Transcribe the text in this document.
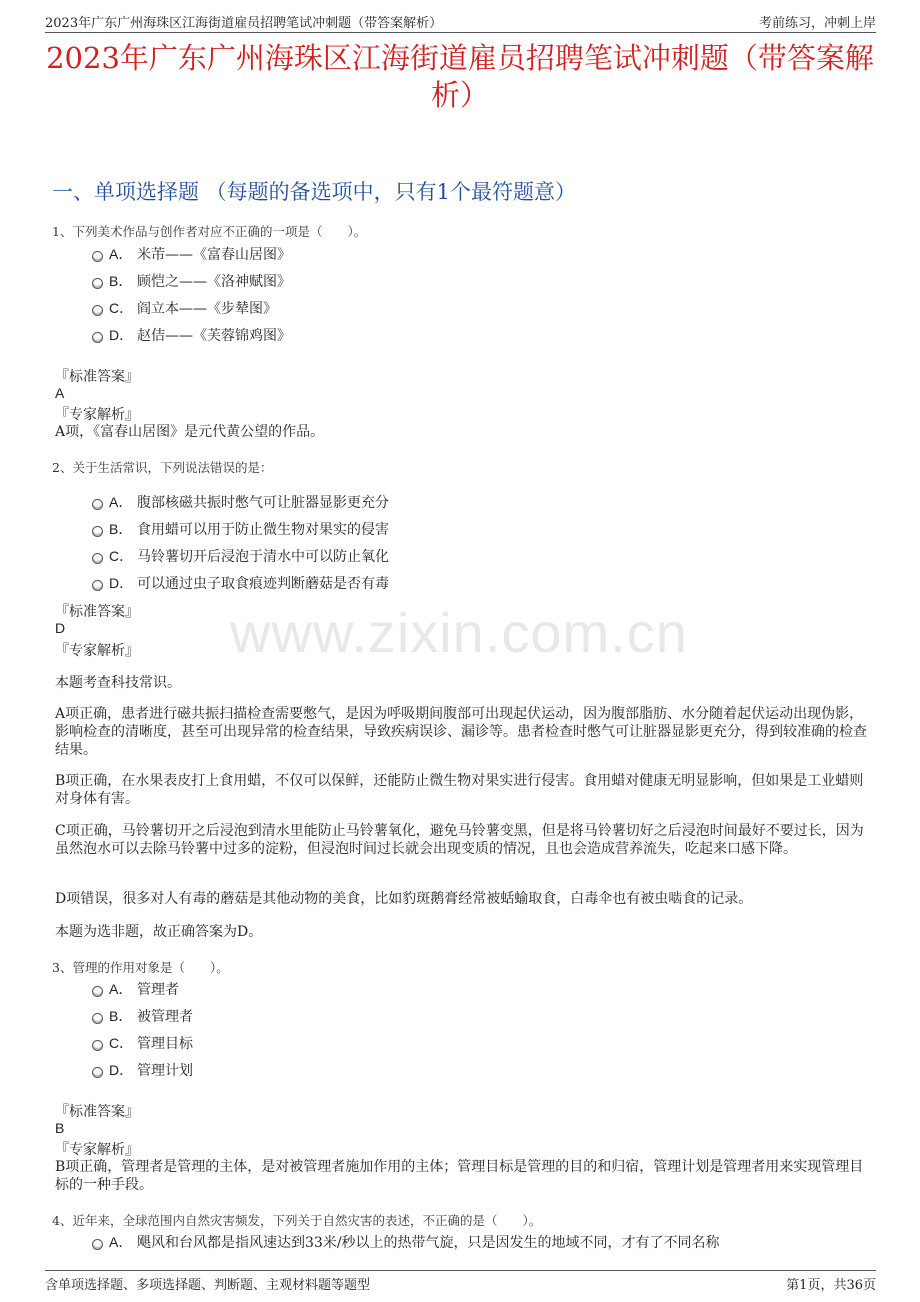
2023年广东广州海珠区江海街道雇员招聘笔试冲刺题（带答案解析）	考前练习，冲刺上岸
2023年广东广州海珠区江海街道雇员招聘笔试冲刺题（带答案解析）
一、单项选择题 （每题的备选项中，只有1个最符题意）
www.zixin.com.cn
1、下列美术作品与创作者对应不正确的一项是（　　）。
A． 米芾——《富春山居图》
B． 顾恺之——《洛神赋图》
C． 阎立本——《步辇图》
D． 赵佶——《芙蓉锦鸡图》
『标准答案』
A
『专家解析』
A项，《富春山居图》是元代黄公望的作品。
2、关于生活常识，下列说法错误的是：
A． 腹部核磁共振时憋气可让脏器显影更充分
B． 食用蜡可以用于防止微生物对果实的侵害
C． 马铃薯切开后浸泡于清水中可以防止氧化
D． 可以通过虫子取食痕迹判断蘑菇是否有毒
『标准答案』
D
『专家解析』
本题考查科技常识。
A项正确，患者进行磁共振扫描检查需要憋气，是因为呼吸期间腹部可出现起伏运动，因为腹部脂肪、水分随着起伏运动出现伪影，影响检查的清晰度，甚至可出现异常的检查结果，导致疾病误诊、漏诊等。患者检查时憋气可让脏器显影更充分，得到较准确的检查结果。
B项正确，在水果表皮打上食用蜡，不仅可以保鲜，还能防止微生物对果实进行侵害。食用蜡对健康无明显影响，但如果是工业蜡则对身体有害。
C项正确，马铃薯切开之后浸泡到清水里能防止马铃薯氧化，避免马铃薯变黑，但是将马铃薯切好之后浸泡时间最好不要过长，因为虽然泡水可以去除马铃薯中过多的淀粉，但浸泡时间过长就会出现变质的情况，且也会造成营养流失，吃起来口感下降。
D项错误，很多对人有毒的蘑菇是其他动物的美食，比如豹斑鹅膏经常被蛞蝓取食，白毒伞也有被虫啮食的记录。
本题为选非题，故正确答案为D。
3、管理的作用对象是（　　）。
A． 管理者
B． 被管理者
C． 管理目标
D． 管理计划
『标准答案』
B
『专家解析』
B项正确，管理者是管理的主体，是对被管理者施加作用的主体；管理目标是管理的目的和归宿，管理计划是管理者用来实现管理目标的一种手段。
4、近年来，全球范围内自然灾害频发，下列关于自然灾害的表述，不正确的是（　　）。
A． 飓风和台风都是指风速达到33米/秒以上的热带气旋，只是因发生的地域不同，才有了不同名称
含单项选择题、多项选择题、判断题、主观材料题等题型	第1页，共36页
